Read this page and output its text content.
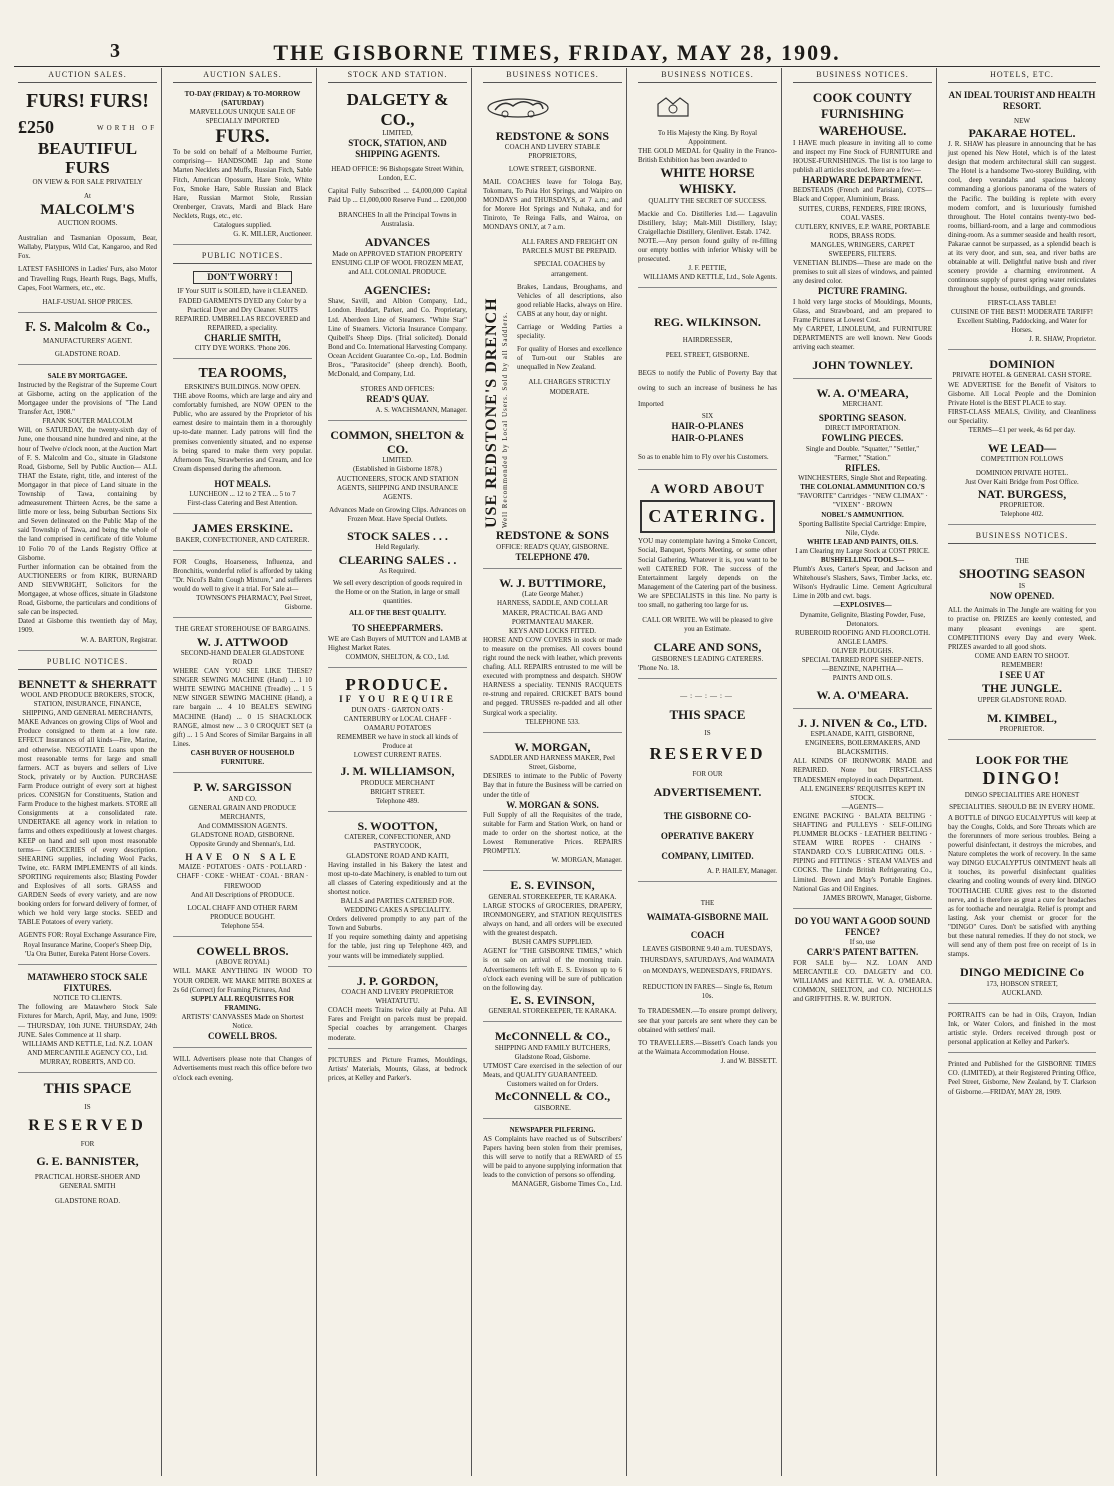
3	THE GISBORNE TIMES, FRIDAY, MAY 28, 1909.
AUCTION SALES.
FURS! FURS!
£250	WORTH OF
BEAUTIFUL FURS
ON VIEW & FOR SALE PRIVATELY
At
MALCOLM'S
AUCTION ROOMS.
Australian and Tasmanian Opossum, Bear, Wallaby, Platypus, Wild Cat, Kangaroo, and Red Fox.
LATEST FASHIONS in Ladies' Furs, also Motor and Travelling Rugs, Hearth Rugs, Bags, Muffs, Capes, Foot Warmers, etc., etc.
HALF-USUAL SHOP PRICES.
F. S. Malcolm & Co.,
MANUFACTURERS' AGENT.
GLADSTONE ROAD.
SALE BY MORTGAGEE.
Instructed by the Registrar of the Supreme Court at Gisborne, acting on the application of the Mortgagee under the provisions of "The Land Transfer Act, 1908."
FRANK SOUTER MALCOLM
Will, on SATURDAY, the twenty-sixth day of June, one thousand nine hundred and nine, at the hour of Twelve o'clock noon, at the Auction Mart of F. S. Malcolm and Co., situate in Gladstone Road, Gisborne, Sell by Public Auction— ALL THAT the Estate, right, title, and interest of the Mortgagor in that piece of Land situate in the Township of Tawa, containing by admeasurement Thirteen Acres, be the same a little more or less, being Suburban Sections Six and Seven delineated on the Public Map of the said Township of Tawa, and being the whole of the land comprised in certificate of title Volume 10 Folio 70 of the Lands Registry Office at Gisborne.
Further information can be obtained from the AUCTIONEERS or from KIRK, BURNARD AND SIEVWRIGHT, Solicitors for the Mortgagee, at whose offices, situate in Gladstone Road, Gisborne, the particulars and conditions of sale can be inspected.
Dated at Gisborne this twentieth day of May, 1909.
W. A. BARTON, Registrar.
PUBLIC NOTICES.
BENNETT & SHERRATT
WOOL AND PRODUCE BROKERS, STOCK, STATION, INSURANCE, FINANCE, SHIPPING, AND GENERAL MERCHANTS,
MAKE Advances on growing Clips of Wool and Produce consigned to them at a low rate. EFFECT Insurances of all kinds—Fire, Marine, and otherwise. NEGOTIATE Loans upon the most reasonable terms for large and small farmers. ACT as buyers and sellers of Live Stock, privately or by Auction. PURCHASE Farm Produce outright of every sort at highest prices. CONSIGN for Constituents, Station and Farm Produce to the highest markets. STORE all Consignments at a consolidated rate. UNDERTAKE all agency work in relation to farms and others expeditiously at lowest charges. KEEP on hand and sell upon most reasonable terms— GROCERIES of every description. SHEARING supplies, including Wool Packs, Twine, etc. FARM IMPLEMENTS of all kinds. SPORTING requirements also; Blasting Powder and Explosives of all sorts. GRASS and GARDEN Seeds of every variety, and are now booking orders for forward delivery of former, of which we hold very large stocks. SEED and TABLE Potatoes of every variety.
AGENTS FOR: Royal Exchange Assurance Fire, Royal Insurance Marine, Cooper's Sheep Dip, 'Ua Ora Butter, Eureka Patent Horse Covers.
MATAWHERO STOCK SALE FIXTURES.
NOTICE TO CLIENTS.
The following are Matawhero Stock Sale Fixtures for March, April, May, and June, 1909:— THURSDAY, 10th JUNE. THURSDAY, 24th JUNE. Sales Commence at 11 sharp.
WILLIAMS AND KETTLE, Ltd. N.Z. LOAN AND MERCANTILE AGENCY CO., Ltd. MURRAY, ROBERTS, AND CO.
THIS SPACE
IS
RESERVED
FOR
G. E. BANNISTER,
PRACTICAL HORSE-SHOER AND GENERAL SMITH
GLADSTONE ROAD.
AUCTION SALES.
TO-DAY (FRIDAY) & TO-MORROW (SATURDAY)
MARVELLOUS UNIQUE SALE OF SPECIALLY IMPORTED
FURS.
To be sold on behalf of a Melbourne Furrier, comprising— HANDSOME Jap and Stone Marten Necklets and Muffs, Russian Fitch, Sable Fitch, American Opossum, Hare Stole, White Fox, Smoke Hare, Sable Russian and Black Hare, Russian Marmot Stole, Russian Orenberger, Cravats, Mardi and Black Hare Necklets, Rugs, etc., etc.
Catalogues supplied.
G. K. MILLER, Auctioneer.
PUBLIC NOTICES.
DON'T WORRY !
IF Your SUIT is SOILED, have it CLEANED. FADED GARMENTS DYED any Color by a Practical Dyer and Dry Cleaner. SUITS REPAIRED. UMBRELLAS RECOVERED and REPAIRED, a speciality.
CHARLIE SMITH,
CITY DYE WORKS. 'Phone 206.
TEA ROOMS,
ERSKINE'S BUILDINGS. NOW OPEN.
THE above Rooms, which are large and airy and comfortably furnished, are NOW OPEN to the Public, who are assured by the Proprietor of his earnest desire to maintain them in a thoroughly up-to-date manner. Lady patrons will find the premises conveniently situated, and no expense is being spared to make them very popular. Afternoon Tea, Strawberries and Cream, and Ice Cream dispensed during the afternoon.
HOT MEALS.
LUNCHEON ... 12 to 2 TEA ... 5 to 7
First-class Catering and Best Attention.
JAMES ERSKINE.
BAKER, CONFECTIONER, AND CATERER.
FOR Coughs, Hoarseness, Influenza, and Bronchitis, wonderful relief is afforded by taking "Dr. Nicol's Balm Cough Mixture," and sufferers would do well to give it a trial. For Sale at—
TOWNSON'S PHARMACY, Peel Street, Gisborne.
THE GREAT STOREHOUSE OF BARGAINS.
W. J. ATTWOOD
SECOND-HAND DEALER GLADSTONE ROAD
WHERE CAN YOU SEE LIKE THESE? SINGER SEWING MACHINE (Hand) ... 1 10 WHITE SEWING MACHINE (Treadle) ... 1 5 NEW SINGER SEWING MACHINE (Hand), a rare bargain ... 4 10 BEALE'S SEWING MACHINE (Hand) ... 0 15 SHACKLOCK RANGE, almost new ... 3 0 CROQUET SET (a gift) ... 1 5 And Scores of Similar Bargains in all Lines.
CASH BUYER OF HOUSEHOLD FURNITURE.
P. W. SARGISSON
AND CO.
GENERAL GRAIN AND PRODUCE MERCHANTS,
And COMMISSION AGENTS.
GLADSTONE ROAD, GISBORNE.
Opposite Grundy and Shennan's, Ltd.
HAVE ON SALE
MAIZE · POTATOES · OATS · POLLARD · CHAFF · COKE · WHEAT · COAL · BRAN · FIREWOOD
And All Descriptions of PRODUCE.
LOCAL CHAFF AND OTHER FARM PRODUCE BOUGHT.
Telephone 554.
COWELL BROS.
(ABOVE ROYAL)
WILL MAKE ANYTHING IN WOOD TO YOUR ORDER. WE MAKE MITRE BOXES at 2s 6d (Correct) for Framing Pictures, And
SUPPLY ALL REQUISITES FOR FRAMING.
ARTISTS' CANVASSES Made on Shortest Notice.
COWELL BROS.
WILL Advertisers please note that Changes of Advertisements must reach this office before two o'clock each evening.
STOCK AND STATION.
DALGETY & CO.,
LIMITED,
STOCK, STATION, AND SHIPPING AGENTS.
HEAD OFFICE: 96 Bishopsgate Street Within, London, E.C.
Capital Fully Subscribed ... £4,000,000 Capital Paid Up ... £1,000,000 Reserve Fund ... £200,000
BRANCHES In all the Principal Towns in Australasia.
ADVANCES
Made on APPROVED STATION PROPERTY ENSUING CLIP OF WOOL FROZEN MEAT, and ALL COLONIAL PRODUCE.
AGENCIES:
Shaw, Savill, and Albion Company, Ltd., London. Huddart, Parker, and Co. Proprietary, Ltd. Aberdeen Line of Steamers. "White Star" Line of Steamers. Victoria Insurance Company. Quibell's Sheep Dips. (Trial solicited). Donald Bond and Co. International Harvesting Company. Ocean Accident Guarantee Co.-op., Ltd. Bodmin Bros., "Parasitocide" (sheep drench). Booth, McDonald, and Company, Ltd.
STORES AND OFFICES:
READ'S QUAY.
A. S. WACHSMANN, Manager.
COMMON, SHELTON & CO.
LIMITED.
(Established in Gisborne 1878.) AUCTIONEERS, STOCK AND STATION AGENTS, SHIPPING AND INSURANCE AGENTS.
Advances Made on Growing Clips. Advances on Frozen Meat. Have Special Outlets.
STOCK SALES . . .
Held Regularly.
CLEARING SALES . .
As Required.
We sell every description of goods required in the Home or on the Station, in large or small quantities.
ALL OF THE BEST QUALITY.
TO SHEEPFARMERS.
WE are Cash Buyers of MUTTON and LAMB at Highest Market Rates.
COMMON, SHELTON, & CO., Ltd.
PRODUCE.
IF YOU REQUIRE
DUN OATS · GARTON OATS · CANTERBURY or LOCAL CHAFF · OAMARU POTATOES
REMEMBER we have in stock all kinds of Produce at
LOWEST CURRENT RATES.
J. M. WILLIAMSON,
PRODUCE MERCHANT
BRIGHT STREET.
Telephone 489.
S. WOOTTON,
CATERER, CONFECTIONER, AND PASTRYCOOK,
GLADSTONE ROAD AND KAITI,
Having installed in his Bakery the latest and most up-to-date Machinery, is enabled to turn out all classes of Catering expeditiously and at the shortest notice.
BALLS and PARTIES CATERED FOR.
WEDDING CAKES A SPECIALITY.
Orders delivered promptly to any part of the Town and Suburbs.
If you require something dainty and appetising for the table, just ring up Telephone 469, and your wants will be immediately supplied.
J. P. GORDON,
COACH AND LIVERY PROPRIETOR WHATATUTU.
COACH meets Trains twice daily at Puha. All Fares and Freight on parcels must be prepaid. Special coaches by arrangement. Charges moderate.
PICTURES and Picture Frames, Mouldings, Artists' Materials, Mounts, Glass, at bedrock prices, at Kelley and Parker's.
BUSINESS NOTICES.
REDSTONE & SONS
COACH AND LIVERY STABLE PROPRIETORS,
LOWE STREET, GISBORNE.
MAIL COACHES leave for Tologa Bay, Tokomaru, To Puia Hot Springs, and Waipiro on MONDAYS and THURSDAYS, at 7 a.m.; and for Morere Hot Springs and Nuhaka, and for Tiniroto, Te Reinga Falls, and Wairoa, on MONDAYS ONLY, at 7 a.m.
USE REDSTONE'S DRENCH Well Recommended by Local Users. Sold by all Saddlers.
ALL FARES AND FREIGHT ON PARCELS MUST BE PREPAID.
SPECIAL COACHES by arrangement.
Brakes, Landaus, Broughams, and Vehicles of all descriptions, also good reliable Hacks, always on Hire. CABS at any hour, day or night.
Carriage or Wedding Parties a speciality.
For quality of Horses and excellence of Turn-out our Stables are unequalled in New Zealand.
ALL CHARGES STRICTLY MODERATE.
REDSTONE & SONS
OFFICE: READ'S QUAY, GISBORNE.
TELEPHONE 470.
W. J. BUTTIMORE,
(Late George Maher.)
HARNESS, SADDLE, AND COLLAR MAKER, PRACTICAL BAG AND PORTMANTEAU MAKER.
KEYS AND LOCKS FITTED.
HORSE AND COW COVERS in stock or made to measure on the premises. All covers bound right round the neck with leather, which prevents chafing. ALL REPAIRS entrusted to me will be executed with promptness and despatch. SHOW HARNESS a speciality. TENNIS RACQUETS re-strung and repaired. CRICKET BATS bound and pegged. TRUSSES re-padded and all other Surgical work a speciality.
TELEPHONE 533.
W. MORGAN,
SADDLER AND HARNESS MAKER, Peel Street, Gisborne,
DESIRES to intimate to the Public of Poverty Bay that in future the Business will be carried on under the title of
W. MORGAN & SONS.
Full Supply of all the Requisites of the trade, suitable for Farm and Station Work, on hand or made to order on the shortest notice, at the Lowest Remunerative Prices. REPAIRS PROMPTLY.
W. MORGAN, Manager.
E. S. EVINSON,
GENERAL STOREKEEPER, TE KARAKA.
LARGE STOCKS of GROCERIES, DRAPERY, IRONMONGERY, and STATION REQUISITES always on hand, and all orders will be executed with the greatest despatch.
BUSH CAMPS SUPPLIED.
AGENT for "THE GISBORNE TIMES," which is on sale on arrival of the morning train. Advertisements left with E. S. Evinson up to 6 o'clock each evening will be sure of publication on the following day.
E. S. EVINSON,
GENERAL STOREKEEPER, TE KARAKA.
McCONNELL & CO.,
SHIPPING AND FAMILY BUTCHERS, Gladstone Road, Gisborne.
UTMOST Care exercised in the selection of our Meats, and QUALITY GUARANTEED.
Customers waited on for Orders.
McCONNELL & CO.,
GISBORNE.
NEWSPAPER PILFERING.
AS Complaints have reached us of Subscribers' Papers having been stolen from their premises, this will serve to notify that a REWARD of £5 will be paid to anyone supplying information that leads to the conviction of persons so offending.
MANAGER, Gisborne Times Co., Ltd.
BUSINESS NOTICES.
To His Majesty the King. By Royal Appointment.
THE GOLD MEDAL for Quality in the Franco-British Exhibition has been awarded to
WHITE HORSE WHISKY.
QUALITY THE SECRET OF SUCCESS.
Mackie and Co. Distilleries Ltd.— Lagavulin Distillery, Islay; Malt-Mill Distillery, Islay; Craigellachie Distillery, Glenlivet. Estab. 1742.
NOTE.—Any person found guilty of re-filling our empty bottles with inferior Whisky will be prosecuted.
J. F. PETTIE,
WILLIAMS AND KETTLE, Ltd., Sole Agents.
REG. WILKINSON.
HAIRDRESSER,
PEEL STREET, GISBORNE.
BEGS to notify the Public of Poverty Bay that owing to such an increase of business he has Imported
SIX
HAIR-O-PLANES
HAIR-O-PLANES
So as to enable him to Fly over his Customers.
A WORD ABOUT
CATERING.
YOU may contemplate having a Smoke Concert, Social, Banquet, Sports Meeting, or some other Social Gathering. Whatever it is, you want to be well CATERED FOR. The success of the Entertainment largely depends on the Management of the Catering part of the business. We are SPECIALISTS in this line. No party is too small, no gathering too large for us.
CALL OR WRITE. We will be pleased to give you an Estimate.
CLARE AND SONS,
GISBORNE'S LEADING CATERERS.
'Phone No. 18.
—:—:—:—
THIS SPACE
IS
RESERVED
FOR OUR
ADVERTISEMENT.
THE GISBORNE CO-OPERATIVE BAKERY COMPANY, LIMITED.
A. P. HAILEY, Manager.
THE
WAIMATA-GISBORNE MAIL COACH
LEAVES GISBORNE 9.40 a.m. TUESDAYS, THURSDAYS, SATURDAYS, And WAIMATA on MONDAYS, WEDNESDAYS, FRIDAYS.
REDUCTION IN FARES— Single 6s, Return 10s.
To TRADESMEN.—To ensure prompt delivery, see that your parcels are sent where they can be obtained with settlers' mail.
TO TRAVELLERS.—Bissett's Coach lands you at the Waimata Accommodation House.
J. and W. BISSETT.
BUSINESS NOTICES.
COOK COUNTY FURNISHING WAREHOUSE.
I HAVE much pleasure in inviting all to come and inspect my Fine Stock of FURNITURE and HOUSE-FURNISHINGS. The list is too large to publish all articles stocked. Here are a few:—
HARDWARE DEPARTMENT.
BEDSTEADS (French and Parisian), COTS—Black and Copper, Aluminium, Brass.
SUITES, CURBS, FENDERS, FIRE IRONS, COAL VASES.
CUTLERY, KNIVES, E.P. WARE, PORTABLE RODS, BRASS RODS.
MANGLES, WRINGERS, CARPET SWEEPERS, FILTERS.
VENETIAN BLINDS—These are made on the premises to suit all sizes of windows, and painted any desired color.
PICTURE FRAMING.
I hold very large stocks of Mouldings, Mounts, Glass, and Strawboard, and am prepared to Frame Pictures at Lowest Cost.
My CARPET, LINOLEUM, and FURNITURE DEPARTMENTS are well known. New Goods arriving each steamer.
JOHN TOWNLEY.
W. A. O'MEARA,
MERCHANT.
SPORTING SEASON.
DIRECT IMPORTATION.
FOWLING PIECES.
Single and Double. "Squatter," "Settler," "Farmer," "Station."
RIFLES.
WINCHESTERS, Single Shot and Repeating.
THE COLONIAL AMMUNITION CO.'S
"FAVORITE" Cartridges · "NEW CLIMAX" · "VIXEN" · BROWN
NOBEL'S AMMUNITION.
Sporting Ballistite Special Cartridge: Empire, Nile, Clyde.
WHITE LEAD AND PAINTS, OILS.
I am Clearing my Large Stock at COST PRICE.
BUSHFELLING TOOLS—
Plumb's Axes, Carter's Spear, and Jackson and Whitehouse's Slashers, Saws, Timber Jacks, etc. Wilson's Hydraulic Lime. Cement Agricultural Lime in 20lb and cwt. bags.
—EXPLOSIVES—
Dynamite, Gelignite, Blasting Powder, Fuse, Detonators.
RUBEROID ROOFING AND FLOORCLOTH.
ANGLE LAMPS.
OLIVER PLOUGHS.
SPECIAL TARRED ROPE SHEEP-NETS.
—BENZINE, NAPHTHA—
PAINTS AND OILS.
W. A. O'MEARA.
J. J. NIVEN & Co., LTD.
ESPLANADE, KAITI, GISBORNE,
ENGINEERS, BOILERMAKERS, AND BLACKSMITHS.
ALL KINDS OF IRONWORK MADE and REPAIRED. None but FIRST-CLASS TRADESMEN employed in each Department.
ALL ENGINEERS' REQUISITES KEPT IN STOCK.
—AGENTS—
ENGINE PACKING · BALATA BELTING · SHAFTING and PULLEYS · SELF-OILING PLUMMER BLOCKS · LEATHER BELTING · STEAM WIRE ROPES · CHAINS · STANDARD CO.'S LUBRICATING OILS. · PIPING and FITTINGS · STEAM VALVES and COCKS. The Linde British Refrigerating Co., Limited. Brown and May's Portable Engines. National Gas and Oil Engines.
JAMES BROWN, Manager, Gisborne.
DO YOU WANT A GOOD SOUND FENCE?
If so, use
CARR'S PATENT BATTEN.
FOR SALE by— N.Z. LOAN AND MERCANTILE CO. DALGETY and CO. WILLIAMS and KETTLE. W. A. O'MEARA. COMMON, SHELTON, and CO. NICHOLLS and GRIFFITHS. R. W. BURTON.
HOTELS, ETC.
AN IDEAL TOURIST AND HEALTH RESORT.
NEW
PAKARAE HOTEL.
J. R. SHAW has pleasure in announcing that he has just opened his New Hotel, which is of the latest design that modern architectural skill can suggest. The Hotel is a handsome Two-storey Building, with cool, deep verandahs and spacious balcony commanding a glorious panorama of the waters of the Pacific. The building is replete with every modern comfort, and is luxuriously furnished throughout. The Hotel contains twenty-two bed-rooms, billiard-room, and a large and commodious dining-room. As a summer seaside and health resort, Pakarae cannot be surpassed, as a splendid beach is at its very door, and sun, sea, and river baths are obtainable at will. Delightful native bush and river scenery provide a charming environment. A continuous supply of purest spring water reticulates throughout the house, outbuildings, and grounds.
FIRST-CLASS TABLE!
CUISINE OF THE BEST! MODERATE TARIFF!
Excellent Stabling, Paddocking, and Water for Horses.
J. R. SHAW, Proprietor.
DOMINION
PRIVATE HOTEL & GENERAL CASH STORE.
WE ADVERTISE for the Benefit of Visitors to Gisborne. All Local People and the Dominion Private Hotel is the BEST PLACE to stay.
FIRST-CLASS MEALS, Civility, and Cleanliness our Speciality.
TERMS—£1 per week, 4s 6d per day.
WE LEAD—
COMPETITION FOLLOWS
DOMINION PRIVATE HOTEL.
Just Over Kaiti Bridge from Post Office.
NAT. BURGESS,
PROPRIETOR.
Telephone 402.
BUSINESS NOTICES.
THE
SHOOTING SEASON
IS
NOW OPENED.
ALL the Animals in The Jungle are waiting for you to practise on. PRIZES are keenly contested, and many pleasant evenings are spent. COMPETITIONS every Day and every Week. PRIZES awarded to all good shots.
COME AND EARN TO SHOOT.
REMEMBER!
I SEE U AT
THE JUNGLE.
UPPER GLADSTONE ROAD.
M. KIMBEL,
PROPRIETOR.
LOOK FOR THE
DINGO!
DINGO SPECIALITIES ARE HONEST SPECIALITIES. SHOULD BE IN EVERY HOME.
A BOTTLE of DINGO EUCALYPTUS will keep at bay the Coughs, Colds, and Sore Throats which are the forerunners of more serious troubles. Being a powerful disinfectant, it destroys the microbes, and Nature completes the work of recovery. In the same way DINGO EUCALYPTUS OINTMENT heals all it touches, its powerful disinfectant qualities clearing and cooling wounds of every kind. DINGO TOOTHACHE CURE gives rest to the distorted nerve, and is therefore as great a cure for headaches as for toothache and neuralgia. Relief is prompt and lasting. Ask your chemist or grocer for the "DINGO" Cures. Don't be satisfied with anything but these natural remedies. If they do not stock, we will send any of them post free on receipt of 1s in stamps.
DINGO MEDICINE Co
173, HOBSON STREET,
AUCKLAND.
PORTRAITS can be had in Oils, Crayon, Indian Ink, or Water Colors, and finished in the most artistic style. Orders received through post or personal application at Kelley and Parker's.
Printed and Published for the GISBORNE TIMES CO. (LIMITED), at their Registered Printing Office, Peel Street, Gisborne, New Zealand, by T. Clarkson of Gisborne.—FRIDAY, MAY 28, 1909.
